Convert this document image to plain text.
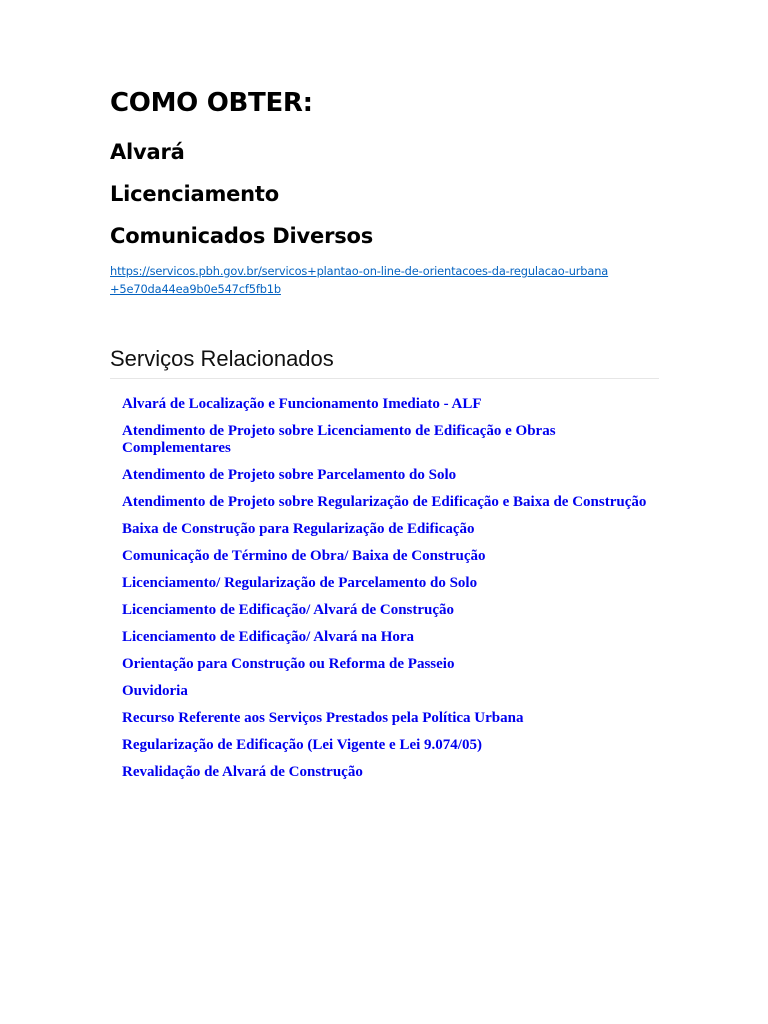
COMO OBTER:
Alvará
Licenciamento
Comunicados Diversos
https://servicos.pbh.gov.br/servicos+plantao-on-line-de-orientacoes-da-regulacao-urbana+5e70da44ea9b0e547cf5fb1b
Serviços Relacionados
Alvará de Localização e Funcionamento Imediato - ALF
Atendimento de Projeto sobre Licenciamento de Edificação e Obras Complementares
Atendimento de Projeto sobre Parcelamento do Solo
Atendimento de Projeto sobre Regularização de Edificação e Baixa de Construção
Baixa de Construção para Regularização de Edificação
Comunicação de Término de Obra/ Baixa de Construção
Licenciamento/ Regularização de Parcelamento do Solo
Licenciamento de Edificação/ Alvará de Construção
Licenciamento de Edificação/ Alvará na Hora
Orientação para Construção ou Reforma de Passeio
Ouvidoria
Recurso Referente aos Serviços Prestados pela Política Urbana
Regularização de Edificação (Lei Vigente e Lei 9.074/05)
Revalidação de Alvará de Construção
